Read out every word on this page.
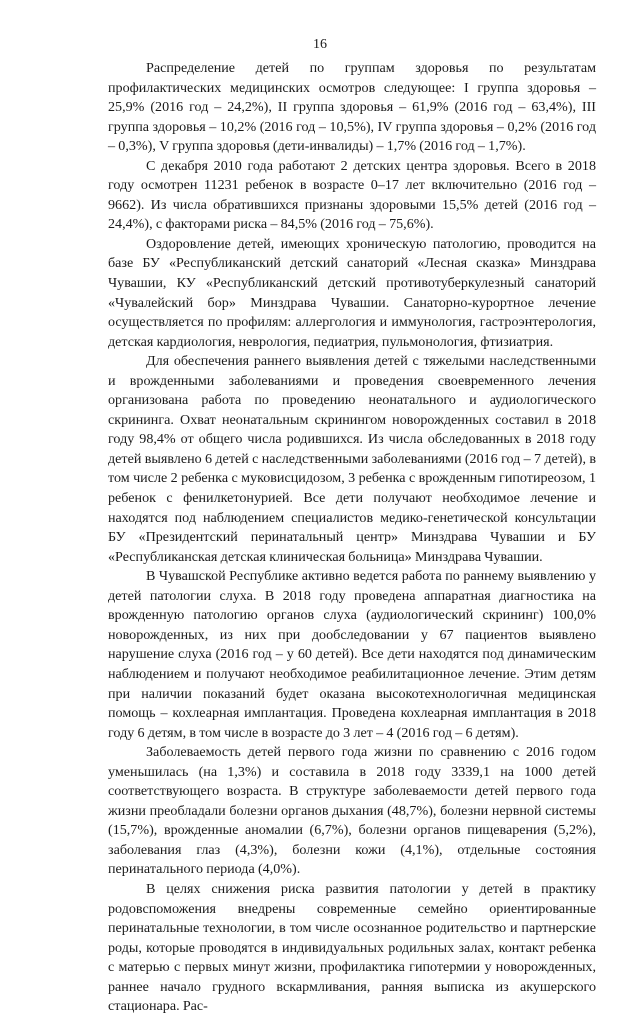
16

Распределение детей по группам здоровья по результатам профилактических медицинских осмотров следующее: I группа здоровья – 25,9% (2016 год – 24,2%), II группа здоровья – 61,9% (2016 год – 63,4%), III группа здоровья – 10,2% (2016 год – 10,5%), IV группа здоровья – 0,2% (2016 год – 0,3%), V группа здоровья (дети-инвалиды) – 1,7% (2016 год – 1,7%).

С декабря 2010 года работают 2 детских центра здоровья. Всего в 2018 году осмотрен 11231 ребенок в возрасте 0–17 лет включительно (2016 год – 9662). Из числа обратившихся признаны здоровыми 15,5% детей (2016 год – 24,4%), с факторами риска – 84,5% (2016 год – 75,6%).

Оздоровление детей, имеющих хроническую патологию, проводится на базе БУ «Республиканский детский санаторий «Лесная сказка» Минздрава Чувашии, КУ «Республиканский детский противотуберкулезный санаторий «Чувалейский бор» Минздрава Чувашии. Санаторно-курортное лечение осуществляется по профилям: аллергология и иммунология, гастроэнтерология, детская кардиология, неврология, педиатрия, пульмонология, фтизиатрия.

Для обеспечения раннего выявления детей с тяжелыми наследственными и врожденными заболеваниями и проведения своевременного лечения организована работа по проведению неонатального и аудиологического скрининга. Охват неонатальным скринингом новорожденных составил в 2018 году 98,4% от общего числа родившихся. Из числа обследованных в 2018 году детей выявлено 6 детей с наследственными заболеваниями (2016 год – 7 детей), в том числе 2 ребенка с муковисцидозом, 3 ребенка с врожденным гипотиреозом, 1 ребенок с фенилкетонурией. Все дети получают необходимое лечение и находятся под наблюдением специалистов медико-генетической консультации БУ «Президентский перинатальный центр» Минздрава Чувашии и БУ «Республиканская детская клиническая больница» Минздрава Чувашии.

В Чувашской Республике активно ведется работа по раннему выявлению у детей патологии слуха. В 2018 году проведена аппаратная диагностика на врожденную патологию органов слуха (аудиологический скрининг) 100,0% новорожденных, из них при дообследовании у 67 пациентов выявлено нарушение слуха (2016 год – у 60 детей). Все дети находятся под динамическим наблюдением и получают необходимое реабилитационное лечение. Этим детям при наличии показаний будет оказана высокотехнологичная медицинская помощь – кохлеарная имплантация. Проведена кохлеарная имплантация в 2018 году 6 детям, в том числе в возрасте до 3 лет – 4 (2016 год – 6 детям).

Заболеваемость детей первого года жизни по сравнению с 2016 годом уменьшилась (на 1,3%) и составила в 2018 году 3339,1 на 1000 детей соответствующего возраста. В структуре заболеваемости детей первого года жизни преобладали болезни органов дыхания (48,7%), болезни нервной системы (15,7%), врожденные аномалии (6,7%), болезни органов пищеварения (5,2%), заболевания глаз (4,3%), болезни кожи (4,1%), отдельные состояния перинатального периода (4,0%).

В целях снижения риска развития патологии у детей в практику родовспоможения внедрены современные семейно ориентированные перинатальные технологии, в том числе осознанное родительство и партнерские роды, которые проводятся в индивидуальных родильных залах, контакт ребенка с матерью с первых минут жизни, профилактика гипотермии у новорожденных, раннее начало грудного вскармливания, ранняя выписка из акушерского стационара. Рас-
